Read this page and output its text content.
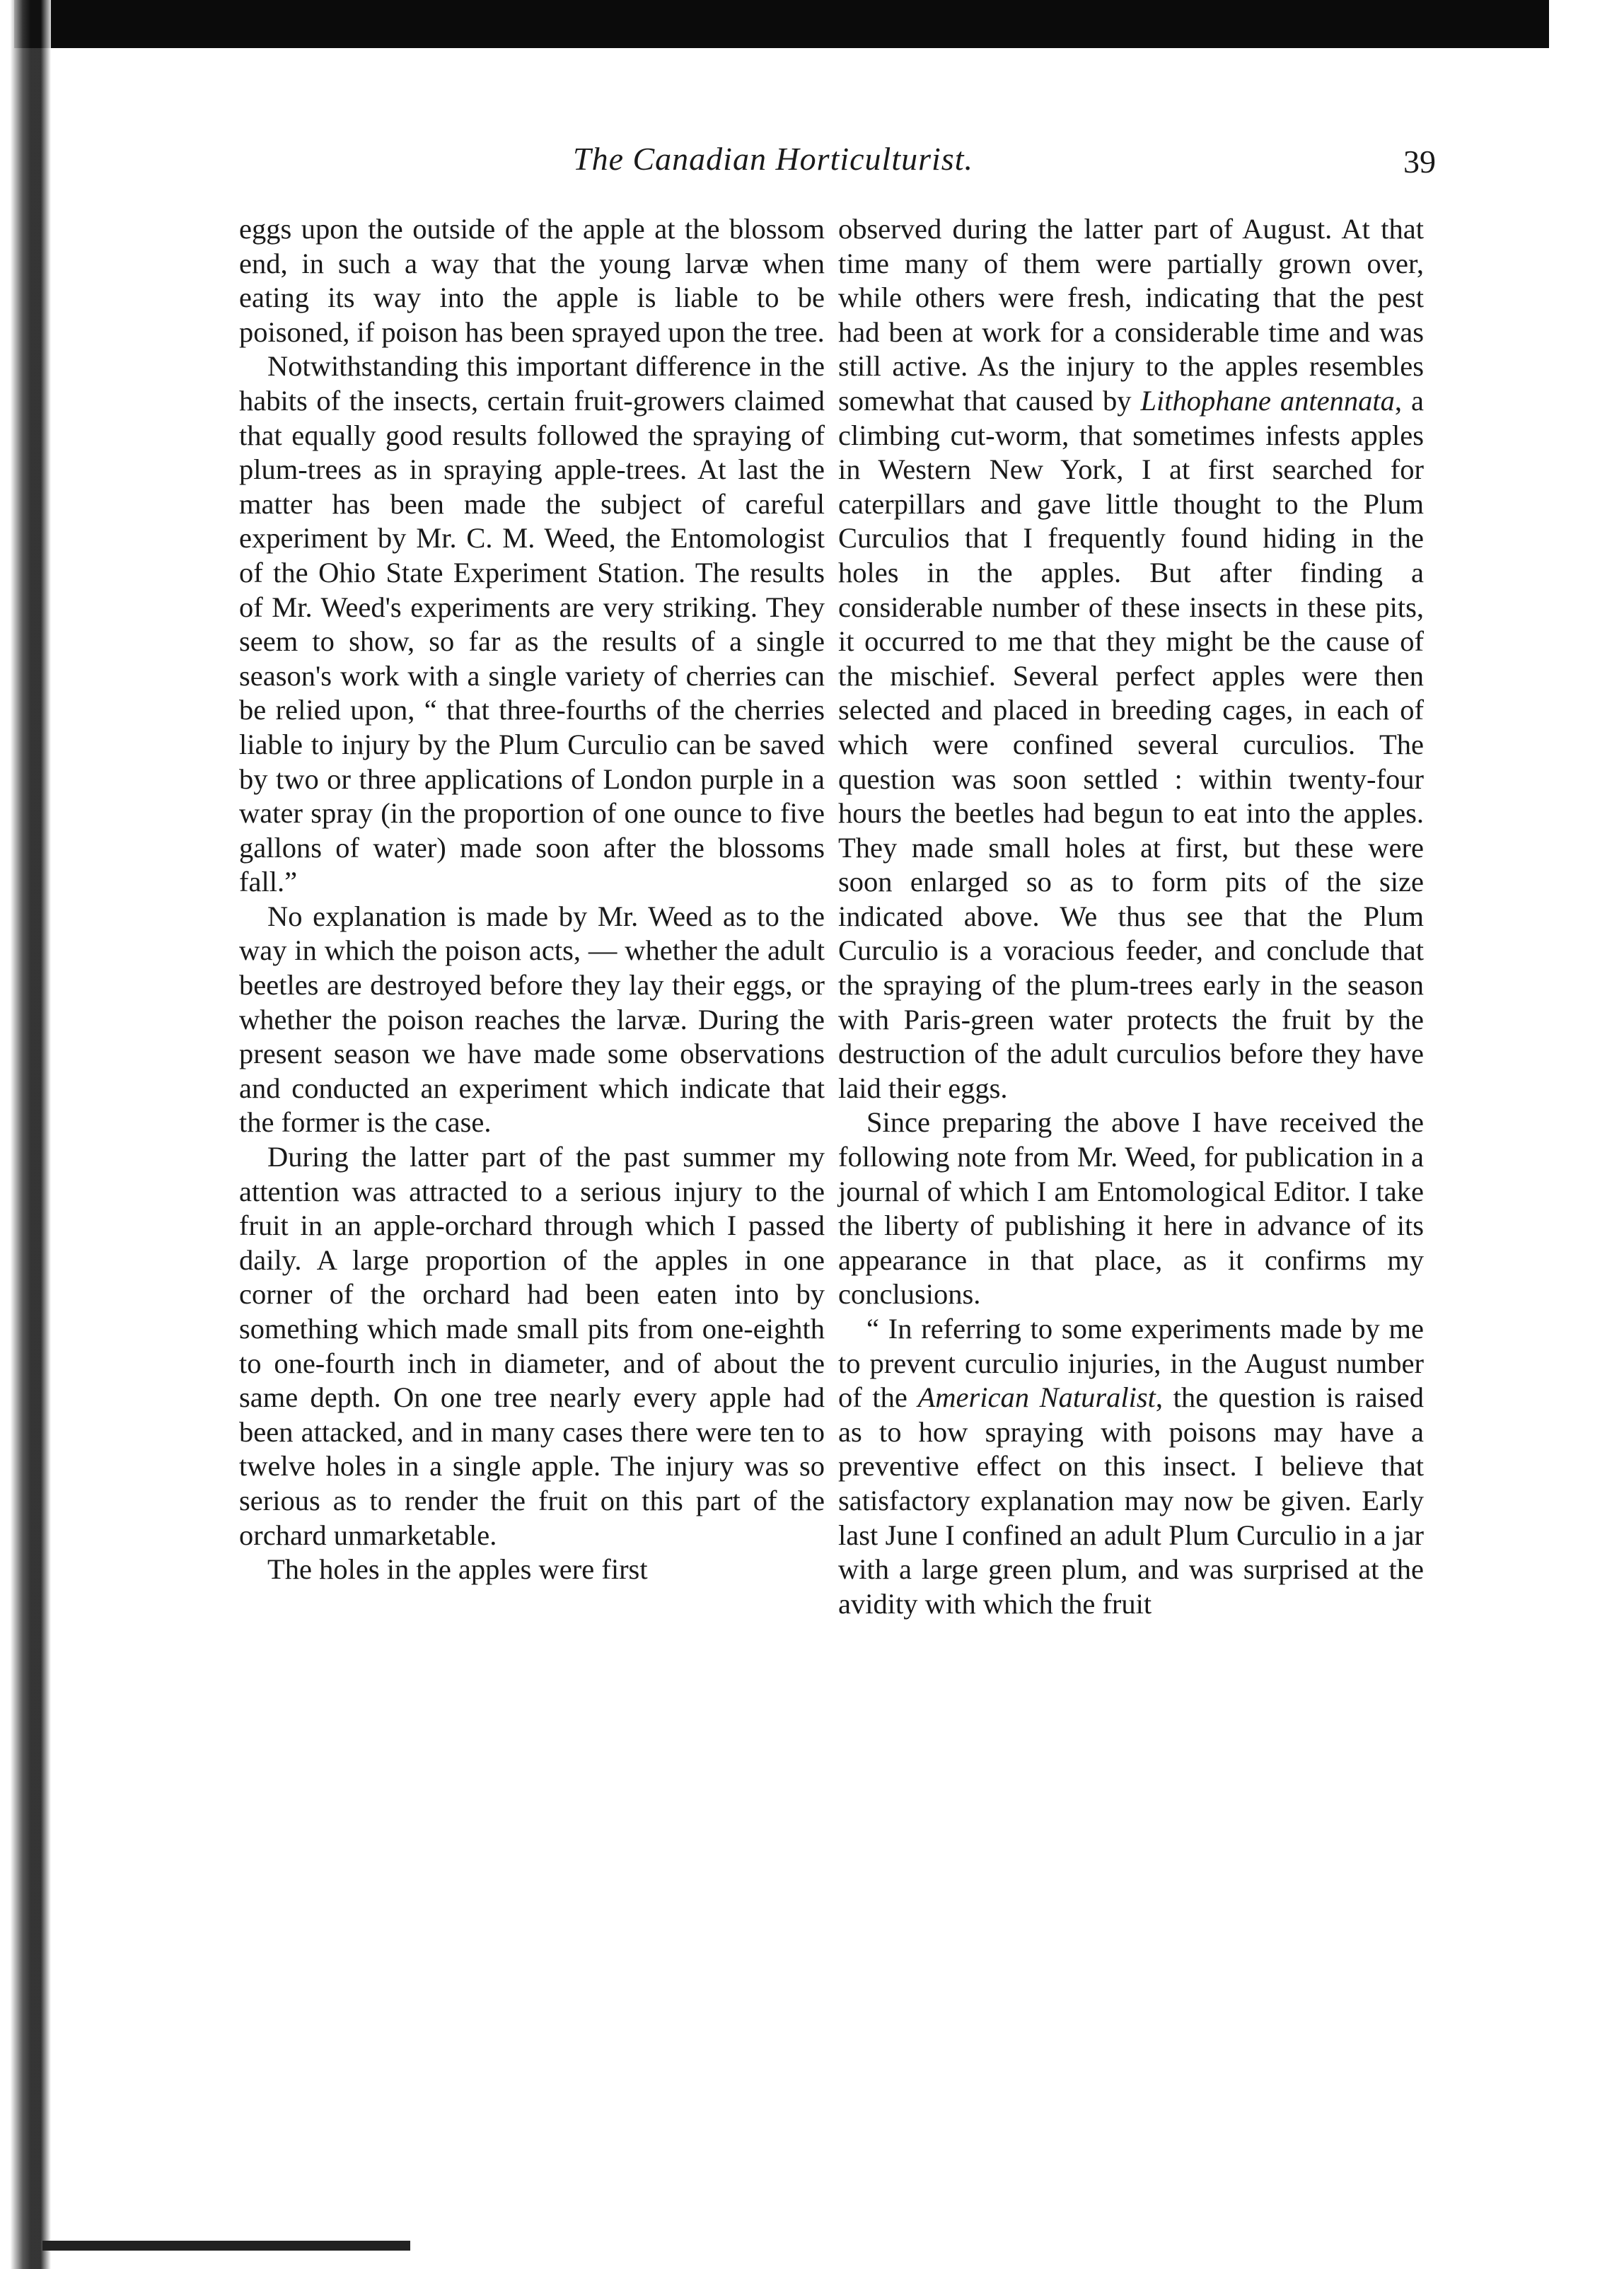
The Canadian Horticulturist.	39

eggs upon the outside of the apple at the blossom end, in such a way that the young larvæ when eating its way into the apple is liable to be poisoned, if poison has been sprayed upon the tree.

Notwithstanding this important difference in the habits of the insects, certain fruit-growers claimed that equally good results followed the spraying of plum-trees as in spraying apple-trees. At last the matter has been made the subject of careful experiment by Mr. C. M. Weed, the Entomologist of the Ohio State Experiment Station. The results of Mr. Weed's experiments are very striking. They seem to show, so far as the results of a single season's work with a single variety of cherries can be relied upon, “ that three-fourths of the cherries liable to injury by the Plum Curculio can be saved by two or three applications of London purple in a water spray (in the proportion of one ounce to five gallons of water) made soon after the blossoms fall.”

No explanation is made by Mr. Weed as to the way in which the poison acts, — whether the adult beetles are destroyed before they lay their eggs, or whether the poison reaches the larvæ. During the present season we have made some observations and conducted an experiment which indicate that the former is the case.

During the latter part of the past summer my attention was attracted to a serious injury to the fruit in an apple-orchard through which I passed daily. A large proportion of the apples in one corner of the orchard had been eaten into by something which made small pits from one-eighth to one-fourth inch in diameter, and of about the same depth. On one tree nearly every apple had been attacked, and in many cases there were ten to twelve holes in a single apple. The injury was so serious as to render the fruit on this part of the orchard unmarketable.

The holes in the apples were first

observed during the latter part of August. At that time many of them were partially grown over, while others were fresh, indicating that the pest had been at work for a considerable time and was still active. As the injury to the apples resembles somewhat that caused by Lithophane antennata, a climbing cut-worm, that sometimes infests apples in Western New York, I at first searched for caterpillars and gave little thought to the Plum Curculios that I frequently found hiding in the holes in the apples. But after finding a considerable number of these insects in these pits, it occurred to me that they might be the cause of the mischief. Several perfect apples were then selected and placed in breeding cages, in each of which were confined several curculios. The question was soon settled : within twenty-four hours the beetles had begun to eat into the apples. They made small holes at first, but these were soon enlarged so as to form pits of the size indicated above. We thus see that the Plum Curculio is a voracious feeder, and conclude that the spraying of the plum-trees early in the season with Paris-green water protects the fruit by the destruction of the adult curculios before they have laid their eggs.

Since preparing the above I have received the following note from Mr. Weed, for publication in a journal of which I am Entomological Editor. I take the liberty of publishing it here in advance of its appearance in that place, as it confirms my conclusions.

“ In referring to some experiments made by me to prevent curculio injuries, in the August number of the American Naturalist, the question is raised as to how spraying with poisons may have a preventive effect on this insect. I believe that satisfactory explanation may now be given. Early last June I confined an adult Plum Curculio in a jar with a large green plum, and was surprised at the avidity with which the fruit
